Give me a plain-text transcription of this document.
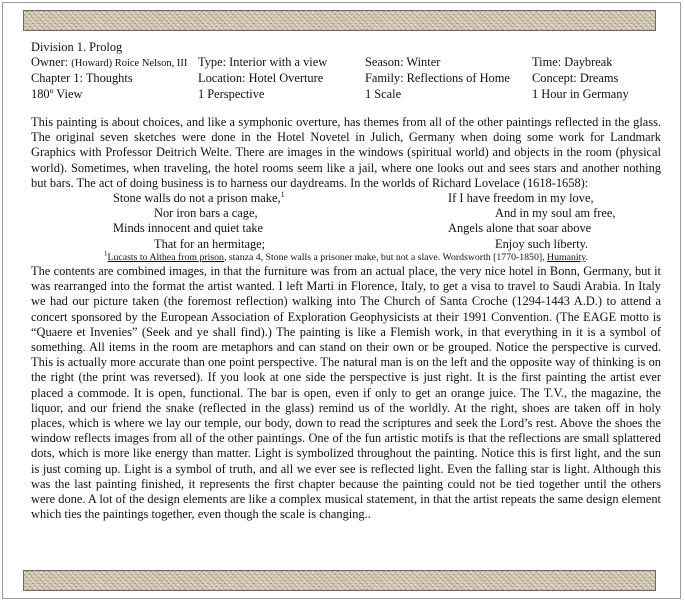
Division 1. Prolog
Owner: (Howard) Roice Nelson, III Type: Interior with a view	Season: Winter	Time: Daybreak
Chapter 1: Thoughts	Location: Hotel Overture	Family: Reflections of Home	Concept: Dreams
180º View	1 Perspective	1 Scale	1 Hour in Germany

This painting is about choices, and like a symphonic overture, has themes from all of the other paintings reflected in the glass. The original seven sketches were done in the Hotel Novetel in Julich, Germany when doing some work for Landmark Graphics with Professor Deitrich Welte. There are images in the windows (spiritual world) and objects in the room (physical world). Sometimes, when traveling, the hotel rooms seem like a jail, where one looks out and sees stars and another nothing but bars. The act of doing business is to harness our daydreams. In the worlds of Richard Lovelace (1618-1658):

Stone walls do not a prison make,$^1$
Nor iron bars a cage,
Minds innocent and quiet take
That for an hermitage;
If I have freedom in my love,
And in my soul am free,
Angels alone that soar above
Enjoy such liberty.
$^1$Lucasts to Althea from prison, stanza 4, Stone walls a prisoner make, but not a slave. Wordsworth [1770-1850], Humanity.

The contents are combined images, in that the furniture was from an actual place, the very nice hotel in Bonn, Germany, but it was rearranged into the format the artist wanted. I left Marti in Florence, Italy, to get a visa to travel to Saudi Arabia. In Italy we had our picture taken (the foremost reflection) walking into The Church of Santa Croche (1294-1443 A.D.) to attend a concert sponsored by the European Association of Exploration Geophysicists at their 1991 Convention. (The EAGE motto is “Quaere et Invenies” (Seek and ye shall find).) The painting is like a Flemish work, in that everything in it is a symbol of something. All items in the room are metaphors and can stand on their own or be grouped. Notice the perspective is curved. This is actually more accurate than one point perspective. The natural man is on the left and the opposite way of thinking is on the right (the print was reversed). If you look at one side the perspective is just right. It is the first painting the artist ever placed a commode. It is open, functional. The bar is open, even if only to get an orange juice. The T.V., the magazine, the liquor, and our friend the snake (reflected in the glass) remind us of the worldly. At the right, shoes are taken off in holy places, which is where we lay our temple, our body, down to read the scriptures and seek the Lord’s rest. Above the shoes the window reflects images from all of the other paintings. One of the fun artistic motifs is that the reflections are small splattered dots, which is more like energy than matter. Light is symbolized throughout the painting. Notice this is first light, and the sun is just coming up. Light is a symbol of truth, and all we ever see is reflected light. Even the falling star is light. Although this was the last painting finished, it represents the first chapter because the painting could not be tied together until the others were done. A lot of the design elements are like a complex musical statement, in that the artist repeats the same design element which ties the paintings together, even though the scale is changing..
